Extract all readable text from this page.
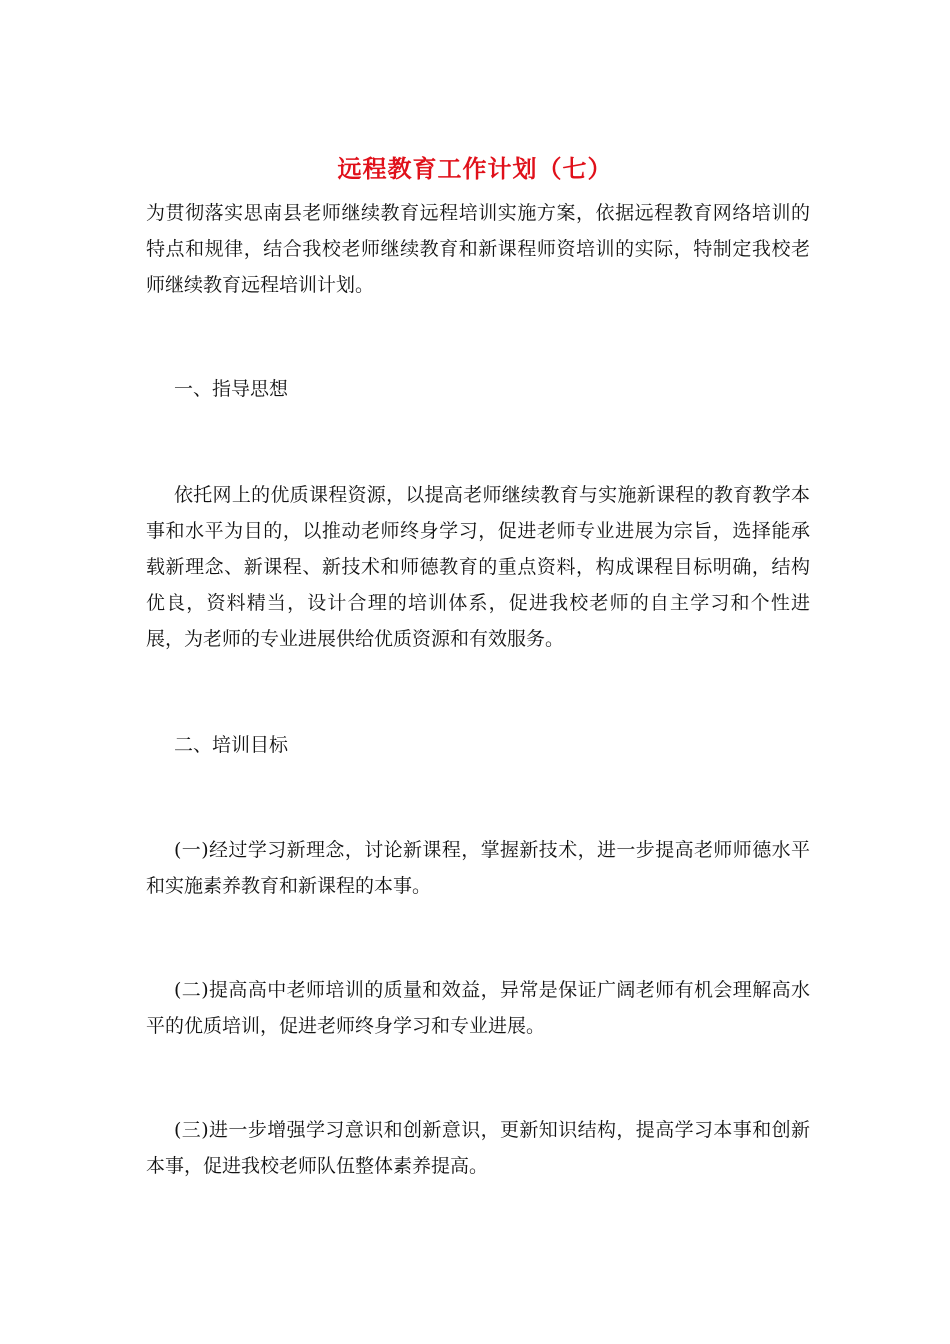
远程教育工作计划（七）

为贯彻落实思南县老师继续教育远程培训实施方案，依据远程教育网络培训的特点和规律，结合我校老师继续教育和新课程师资培训的实际，特制定我校老师继续教育远程培训计划。

一、指导思想

依托网上的优质课程资源，以提高老师继续教育与实施新课程的教育教学本事和水平为目的，以推动老师终身学习，促进老师专业进展为宗旨，选择能承载新理念、新课程、新技术和师德教育的重点资料，构成课程目标明确，结构优良，资料精当，设计合理的培训体系，促进我校老师的自主学习和个性进展，为老师的专业进展供给优质资源和有效服务。

二、培训目标

(一)经过学习新理念，讨论新课程，掌握新技术，进一步提高老师师德水平和实施素养教育和新课程的本事。

(二)提高高中老师培训的质量和效益，异常是保证广阔老师有机会理解高水平的优质培训，促进老师终身学习和专业进展。

(三)进一步增强学习意识和创新意识，更新知识结构，提高学习本事和创新本事，促进我校老师队伍整体素养提高。
